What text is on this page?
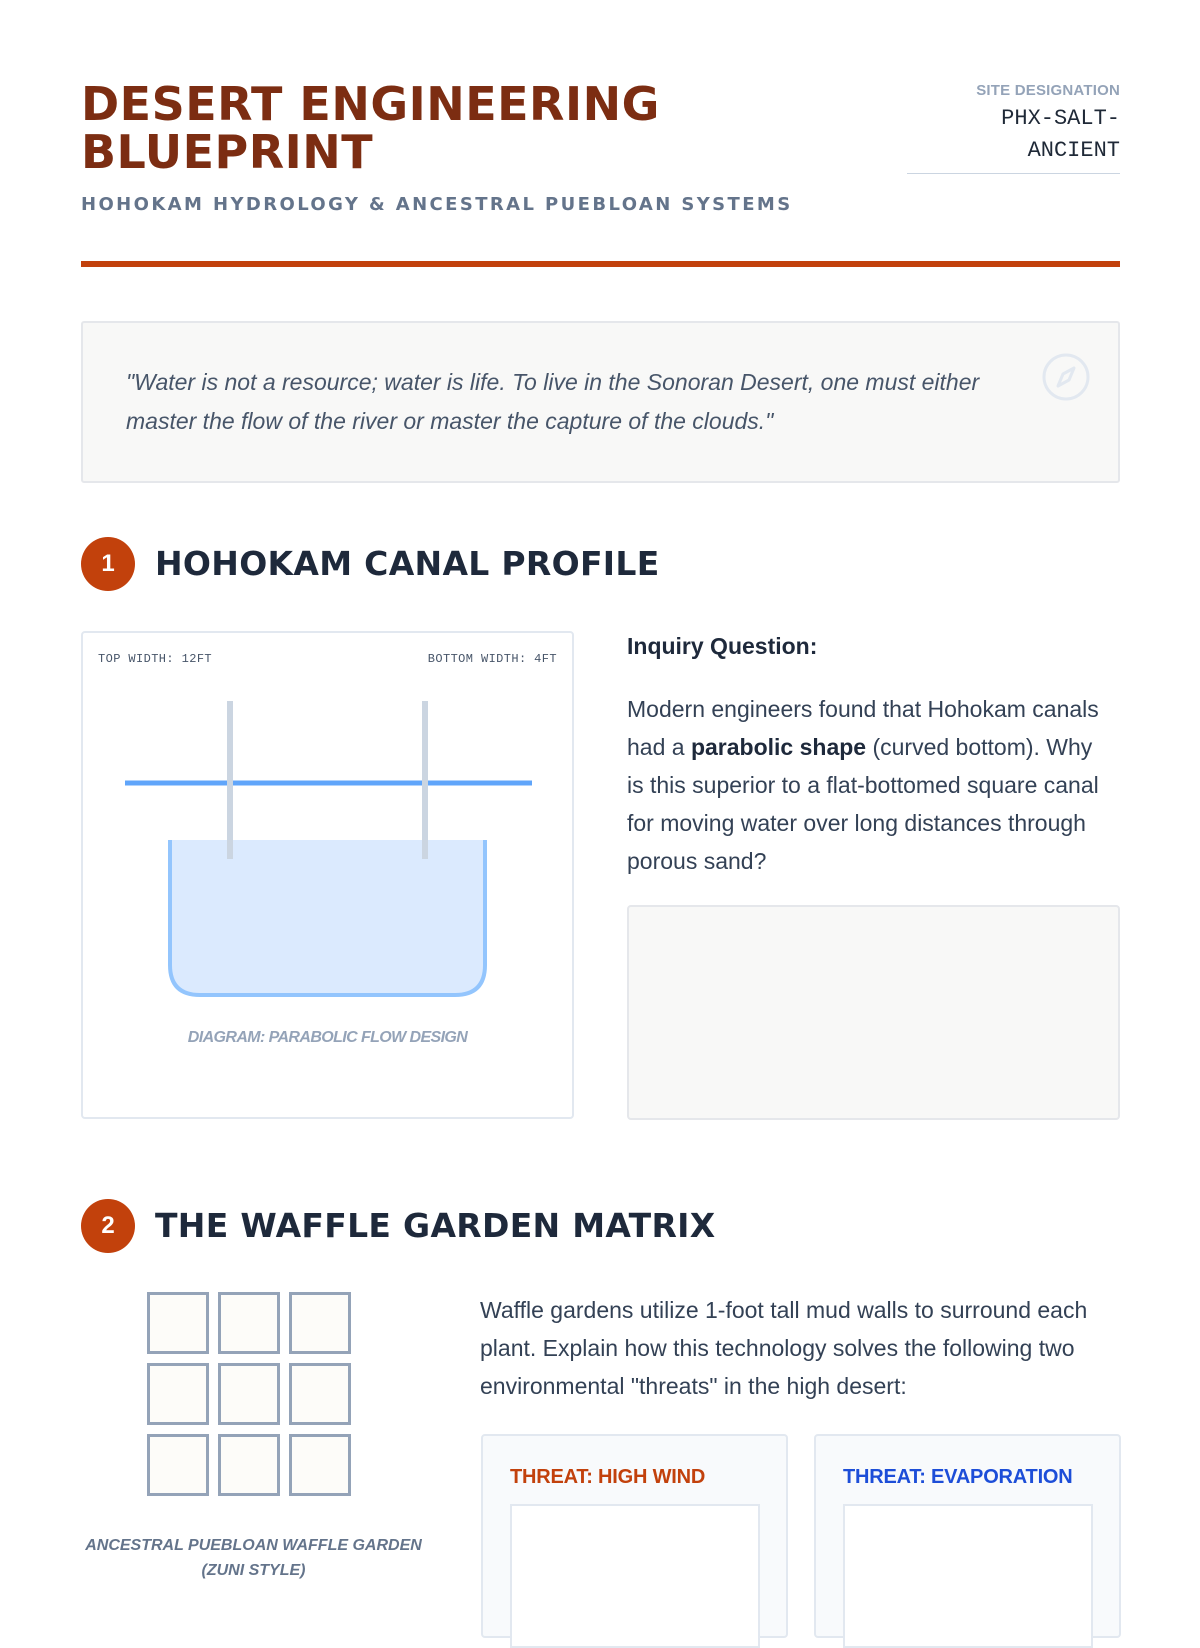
DESERT ENGINEERING
BLUEPRINT
HOHOKAM HYDROLOGY & ANCESTRAL PUEBLOAN SYSTEMS
SITE DESIGNATION
PHX-SALT-ANCIENT

"Water is not a resource; water is life. To live in the Sonoran Desert, one must either master the flow of the river or master the capture of the clouds."

1	HOHOKAM CANAL PROFILE
TOP WIDTH: 12FT	BOTTOM WIDTH: 4FT
DIAGRAM: PARABOLIC FLOW DESIGN
Inquiry Question:

Modern engineers found that Hohokam canals had a parabolic shape (curved bottom). Why is this superior to a flat-bottomed square canal for moving water over long distances through porous sand?

2	THE WAFFLE GARDEN MATRIX

ANCESTRAL PUEBLOAN WAFFLE GARDEN (ZUNI STYLE)

Waffle gardens utilize 1-foot tall mud walls to surround each plant. Explain how this technology solves the following two environmental "threats" in the high desert:

THREAT: HIGH WIND	THREAT: EVAPORATION
